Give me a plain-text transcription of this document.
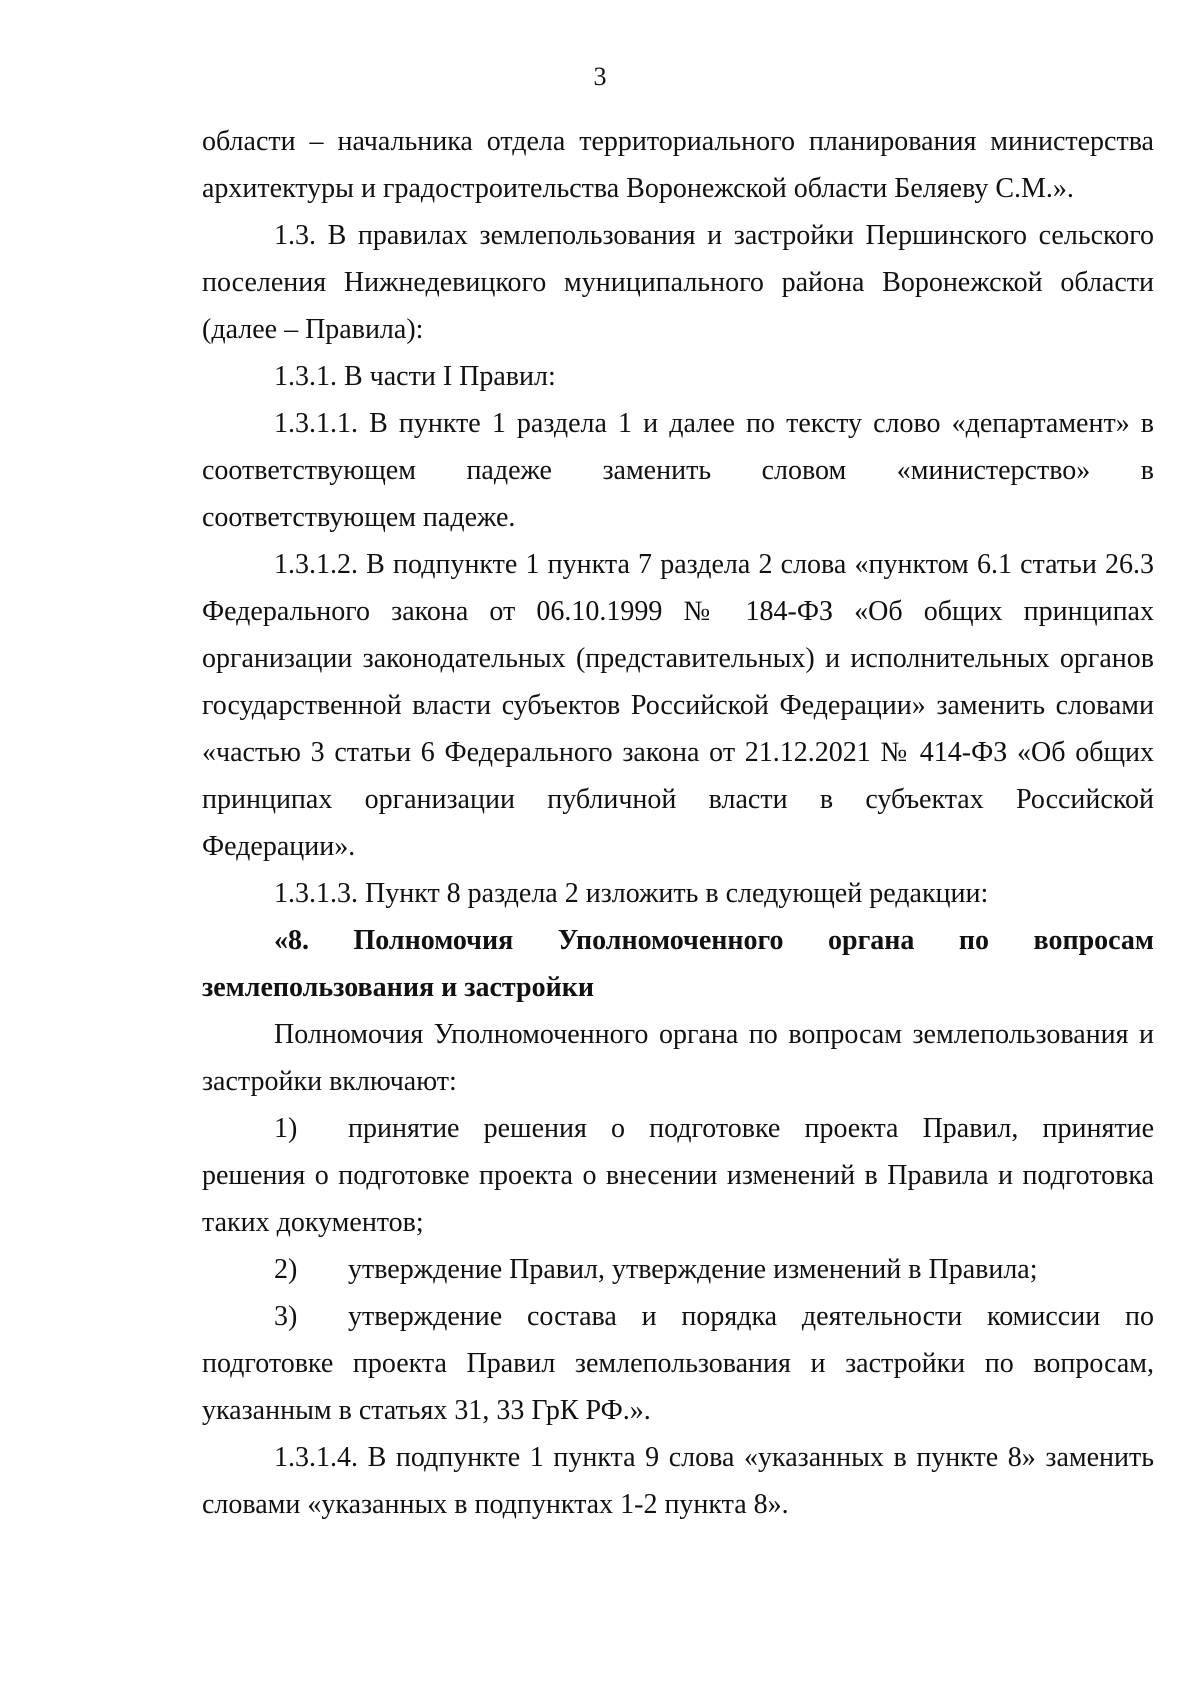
3

области – начальника отдела территориального планирования министерства архитектуры и градостроительства Воронежской области Беляеву С.М.».

1.3. В правилах землепользования и застройки Першинского сельского поселения Нижнедевицкого муниципального района Воронежской области (далее – Правила):

1.3.1. В части I Правил:

1.3.1.1. В пункте 1 раздела 1 и далее по тексту слово «департамент» в соответствующем падеже заменить словом «министерство» в соответствующем падеже.

1.3.1.2. В подпункте 1 пункта 7 раздела 2 слова «пунктом 6.1 статьи 26.3 Федерального закона от 06.10.1999 № 184-ФЗ «Об общих принципах организации законодательных (представительных) и исполнительных органов государственной власти субъектов Российской Федерации» заменить словами «частью 3 статьи 6 Федерального закона от 21.12.2021 № 414-ФЗ «Об общих принципах организации публичной власти в субъектах Российской Федерации».

1.3.1.3. Пункт 8 раздела 2 изложить в следующей редакции:

«8. Полномочия Уполномоченного органа по вопросам землепользования и застройки

Полномочия Уполномоченного органа по вопросам землепользования и застройки включают:

1) принятие решения о подготовке проекта Правил, принятие решения о подготовке проекта о внесении изменений в Правила и подготовка таких документов;

2) утверждение Правил, утверждение изменений в Правила;

3) утверждение состава и порядка деятельности комиссии по подготовке проекта Правил землепользования и застройки по вопросам, указанным в статьях 31, 33 ГрК РФ.».

1.3.1.4. В подпункте 1 пункта 9 слова «указанных в пункте 8» заменить словами «указанных в подпунктах 1-2 пункта 8».
